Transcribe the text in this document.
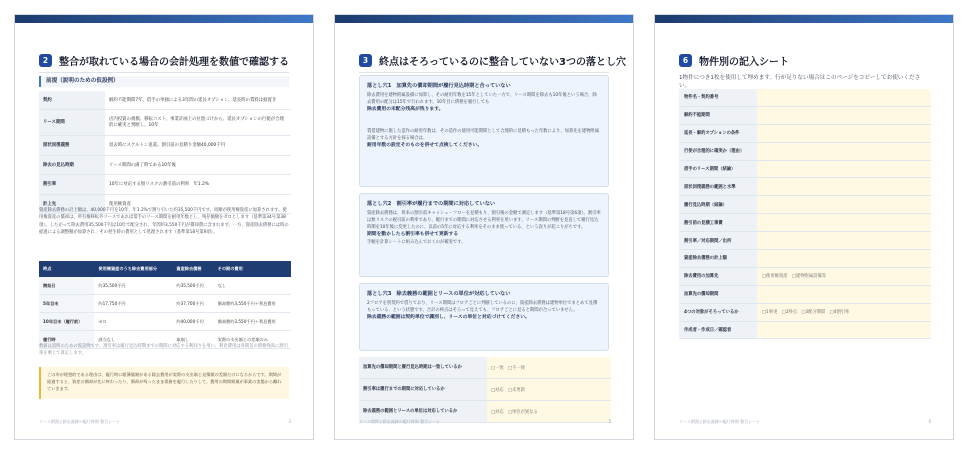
2	整合が取れている場合の会計処理を数値で確認する
前提（説明のための仮設例）
契約	解約不能期間7年。借手の単独による3年間の延長オプション。延長時の賃料は据置き
リース期間	店内投資の規模、移転コスト、事業計画上の位置づけから、延長オプションの行使が合理的に確実と判断し、10年
原状回復義務	退去時にスケルトン返還。割引前の見積り金額40,000千円
除去の見込時期	リース期間の満了時である10年後
割引率	10年に対応する無リスクの割引前の利率　年1.2%
計上先	使用権資産
資産除去債務の計上額は、40,000千円を10年、年1.2%で割り引いた約35,500千円です。同額が使用権資産に加算されます。使用権資産の償却は、所有権移転外リースであれば借手のリース期間を耐用年数とし、残存価額をゼロとします（基準第34号第38項）。したがって除去費用35,500千円は10年で配分され、年間約3,550千円が償却費に含まれます。一方、資産除去債務には時の経過による調整額が加算され、その発生時の費用として処理されます（基準第18号第9項）。
時点	使用権資産のうち除去費用部分	資産除去債務	その期の費用
開始日	約35,500千円	約35,500千円	なし
5年目末	約17,750千円	約37,700千円	償却費約3,550千円＋利息費用
10年目末（履行前）	ゼロ	約40,000千円	償却費約3,550千円＋利息費用
履行時	該当なし	取崩し	実際の支出額との差額のみ
数値は説明のための仮設例です。割引率は履行見込時期までの期間に対応する利回りを用い、利息費用は各期首の債務残高に割引率を乗じて算定します。
この形が理想的である理由は、履行時に帳簿価額がある除去費用が実際の支出額と見積額の差額だけになるからです。期間が経過すると、資産の償却が先に終わったり、償却が残ったまま債務を履行したりして、費用の期間帰属が事業の実態から離れていきます。
リース期間と除去義務の履行時期 整合シート	3
3	終点はそろっているのに整合していない3つの落とし穴
落とし穴1　加算先の償却期間が履行見込時期と合っていない
除去費用を建物附属設備に加算し、その耐用年数を15年としていた一方で、リース期間を除去も10年後という場合、除去費用の配分は15年で行われます。10年目に債務を履行しても
除去費用の未配分残高が残ります。
賃借建物に施した造作の耐用年数は、その造作の使用可能期間として合理的に見積もった年数により、加算先を建物附属設備とする方針を採る場合は、
耐用年数の設定そのものを併せて点検してください。
落とし穴2　割引率が履行までの期間に対応していない
資産除去債務は、将来の割引前キャッシュ・フローを見積もり、割引後の金額で測定します（基準第18号第6項）。割引率は無リスクの税引前の利率であり、履行までの期間に対応させる利率を用います。リース期間の判断を見直して履行見込時期を10年後に変更したのに、以前の5年に対応する利率をそのまま使っている、という誤りが起こりがちです。
期間を動かしたら割引率も併せて更新する
手順を計算シートに組み込んでおくのが確実です。
落とし穴3　除去義務の範囲とリースの単位が対応していない
2フロアを別契約で借りており、リース期間はフロアごとに判断しているのに、資産除去債務は建物単位でまとめて見積もっている、という状態です。合計の終点はそろって見えても、フロアごとに見ると期間が合っていません。
除去義務の範囲は契約単位で識別し、リースの単位と対応づけてください。
加算先の償却期間と履行見込時期は一致しているか	□一致　□不一致
割引率は履行までの期間に対応しているか	□対応　□未更新
除去義務の範囲とリースの単位は対応しているか	□対応　□単位が異なる
リース期間と除去義務の履行時期 整合シート	5
6	物件別の記入シート
1物件につき1枚を使用して埋めます。行が足りない場合はこのページをコピーしてお使いください。
物件名・契約番号	
解約不能期間	
延長・解約オプションの条件	
行使が合理的に確実か（理由）	
借手のリース期間（結論）	
原状回復義務の範囲と水準	
履行見込時期（結論）	
割引前の見積工事費	
割引率／対応期間／出所	
資産除去債務の計上額	
除去費用の加算先	□使用権資産　□建物附属設備等
加算先の償却期間	
4つの対象がそろっているか	□1事実　□2終点　□3配分期間　□4割引率
作成者・作成日／確認者	
リース期間と除去義務の履行時期 整合シート	6
